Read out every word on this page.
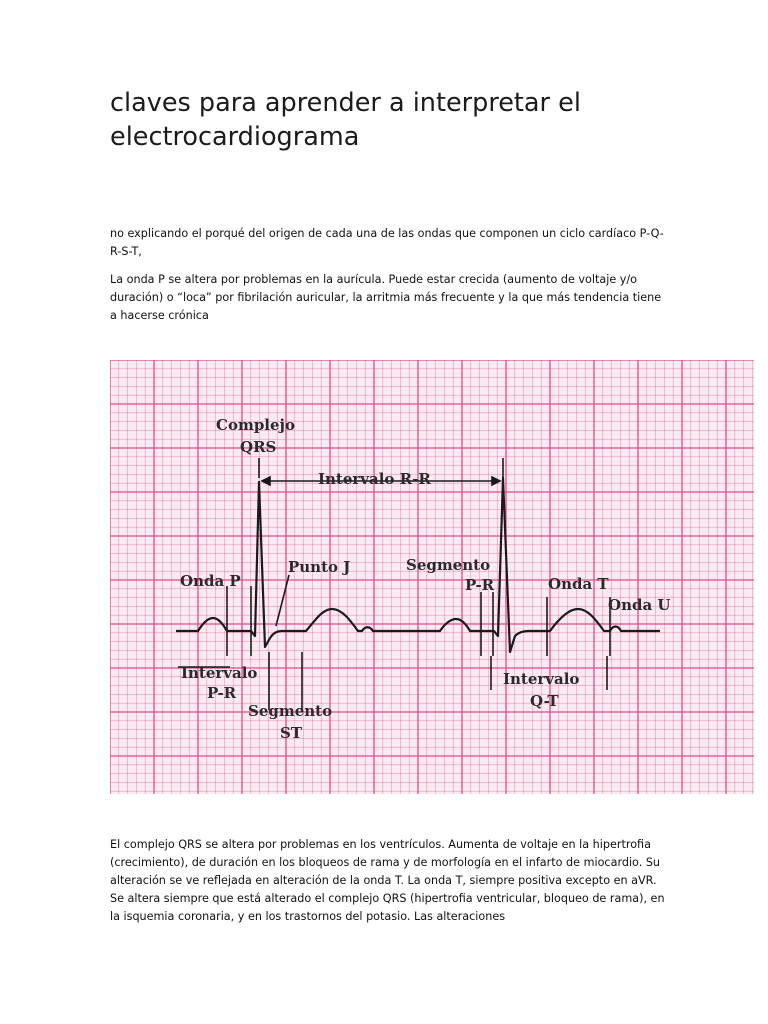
claves para aprender a interpretar el electrocardiograma

no explicando el porqué del origen de cada una de las ondas que componen un ciclo cardíaco P-Q-R-S-T,

La onda P se altera por problemas en la aurícula. Puede estar crecida (aumento de voltaje y/o duración) o “loca” por fibrilación auricular, la arritmia más frecuente y la que más tendencia tiene a hacerse crónica

Complejo
QRS
Intervalo R-R
Punto J	Segmento
P-R
Onda P	Onda T
Onda U
Intervalo
P-R
Segmento
ST
Intervalo
Q-T

El complejo QRS se altera por problemas en los ventrículos. Aumenta de voltaje en la hipertrofia (crecimiento), de duración en los bloqueos de rama y de morfología en el infarto de miocardio. Su alteración se ve reflejada en alteración de la onda T. La onda T, siempre positiva excepto en aVR. Se altera siempre que está alterado el complejo QRS (hipertrofia ventricular, bloqueo de rama), en la isquemia coronaria, y en los trastornos del potasio. Las alteraciones
